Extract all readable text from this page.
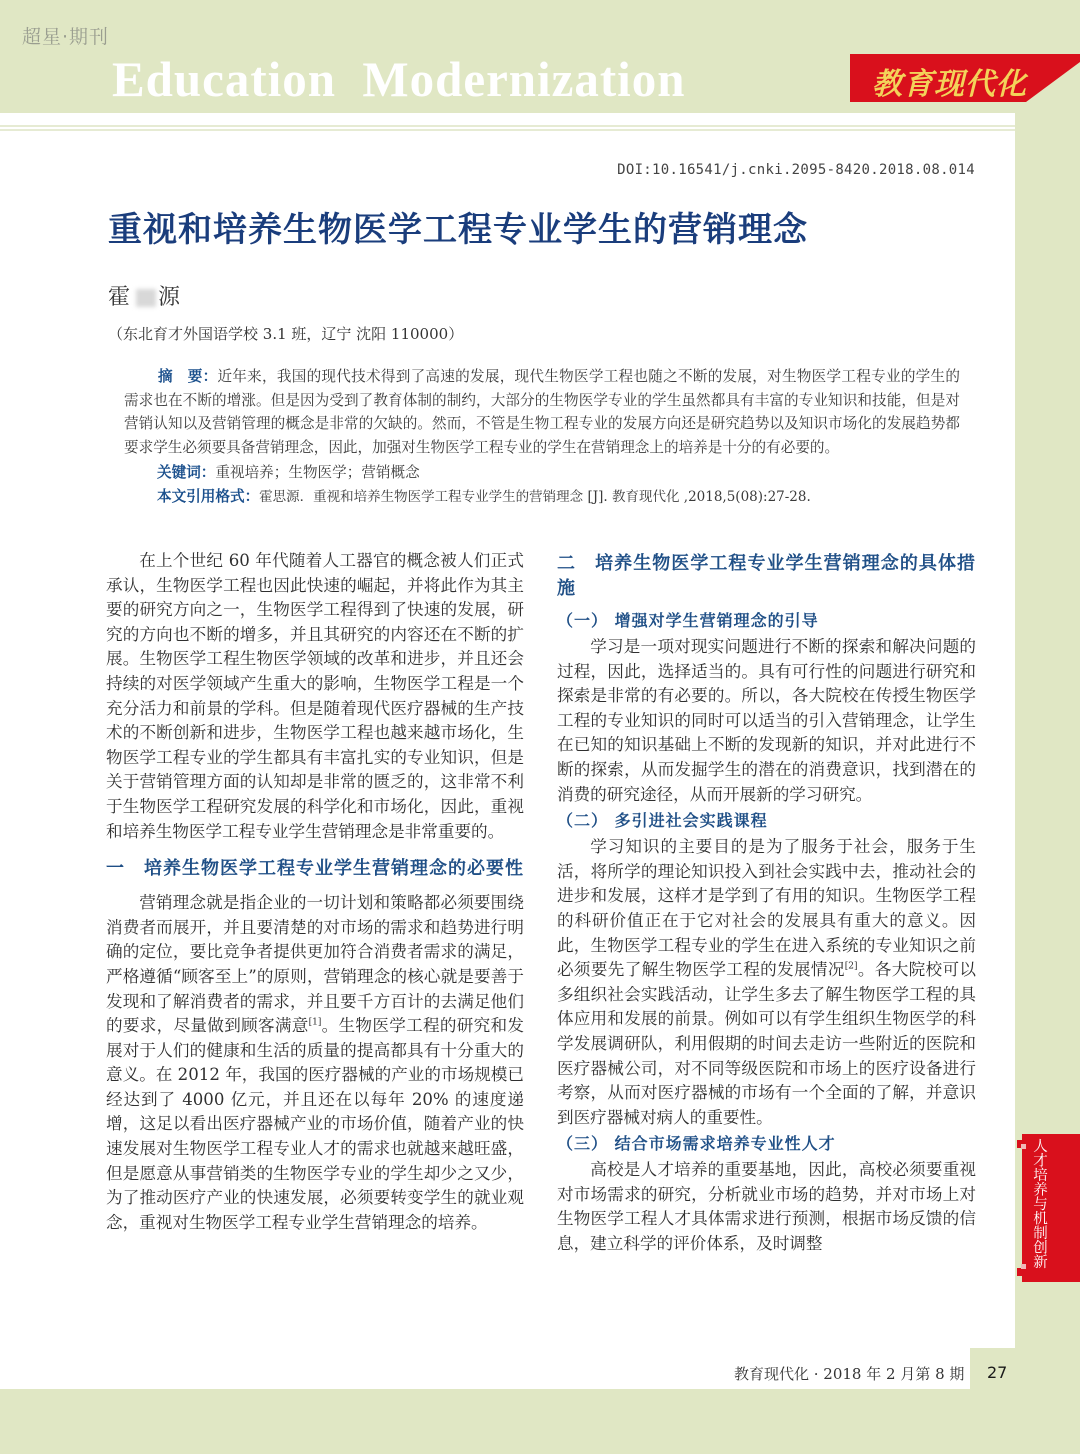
超星·期刊
Education  Modernization	教育现代化
DOI:10.16541/j.cnki.2095-8420.2018.08.014
重视和培养生物医学工程专业学生的营销理念
霍 源
（东北育才外国语学校 3.1 班，辽宁 沈阳 110000）

摘　要：近年来，我国的现代技术得到了高速的发展，现代生物医学工程也随之不断的发展，对生物医学工程专业的学生的需求也在不断的增涨。但是因为受到了教育体制的制约，大部分的生物医学专业的学生虽然都具有丰富的专业知识和技能，但是对营销认知以及营销管理的概念是非常的欠缺的。然而，不管是生物工程专业的发展方向还是研究趋势以及知识市场化的发展趋势都要求学生必须要具备营销理念，因此，加强对生物医学工程专业的学生在营销理念上的培养是十分的有必要的。

关键词：重视培养；生物医学；营销概念

本文引用格式：霍思源．重视和培养生物医学工程专业学生的营销理念 [J]. 教育现代化 ,2018,5(08):27-28.

在上个世纪 60 年代随着人工器官的概念被人们正式承认，生物医学工程也因此快速的崛起，并将此作为其主要的研究方向之一，生物医学工程得到了快速的发展，研究的方向也不断的增多，并且其研究的内容还在不断的扩展。生物医学工程生物医学领域的改革和进步，并且还会持续的对医学领域产生重大的影响，生物医学工程是一个充分活力和前景的学科。但是随着现代医疗器械的生产技术的不断创新和进步，生物医学工程也越来越市场化，生物医学工程专业的学生都具有丰富扎实的专业知识，但是关于营销管理方面的认知却是非常的匮乏的，这非常不利于生物医学工程研究发展的科学化和市场化，因此，重视和培养生物医学工程专业学生营销理念是非常重要的。

一　培养生物医学工程专业学生营销理念的必要性

营销理念就是指企业的一切计划和策略都必须要围绕消费者而展开，并且要清楚的对市场的需求和趋势进行明确的定位，要比竞争者提供更加符合消费者需求的满足，严格遵循“顾客至上”的原则，营销理念的核心就是要善于发现和了解消费者的需求，并且要千方百计的去满足他们的要求，尽量做到顾客满意[1]。生物医学工程的研究和发展对于人们的健康和生活的质量的提高都具有十分重大的意义。在 2012 年，我国的医疗器械的产业的市场规模已经达到了 4000 亿元，并且还在以每年 20% 的速度递增，这足以看出医疗器械产业的市场价值，随着产业的快速发展对生物医学工程专业人才的需求也就越来越旺盛，但是愿意从事营销类的生物医学专业的学生却少之又少，为了推动医疗产业的快速发展，必须要转变学生的就业观念，重视对生物医学工程专业学生营销理念的培养。

二　培养生物医学工程专业学生营销理念的具体措施
（一） 增强对学生营销理念的引导

学习是一项对现实问题进行不断的探索和解决问题的过程，因此，选择适当的。具有可行性的问题进行研究和探索是非常的有必要的。所以，各大院校在传授生物医学工程的专业知识的同时可以适当的引入营销理念，让学生在已知的知识基础上不断的发现新的知识，并对此进行不断的探索，从而发掘学生的潜在的消费意识，找到潜在的消费的研究途径，从而开展新的学习研究。

（二） 多引进社会实践课程

学习知识的主要目的是为了服务于社会，服务于生活，将所学的理论知识投入到社会实践中去，推动社会的进步和发展，这样才是学到了有用的知识。生物医学工程的科研价值正在于它对社会的发展具有重大的意义。因此，生物医学工程专业的学生在进入系统的专业知识之前必须要先了解生物医学工程的发展情况[2]。各大院校可以多组织社会实践活动，让学生多去了解生物医学工程的具体应用和发展的前景。例如可以有学生组织生物医学的科学发展调研队，利用假期的时间去走访一些附近的医院和医疗器械公司，对不同等级医院和市场上的医疗设备进行考察，从而对医疗器械的市场有一个全面的了解，并意识到医疗器械对病人的重要性。

（三） 结合市场需求培养专业性人才

高校是人才培养的重要基地，因此，高校必须要重视对市场需求的研究，分析就业市场的趋势，并对市场上对生物医学工程人才具体需求进行预测，根据市场反馈的信息，建立科学的评价体系，及时调整	人才培养与机制创新
教育现代化 · 2018 年 2 月第 8 期 27
